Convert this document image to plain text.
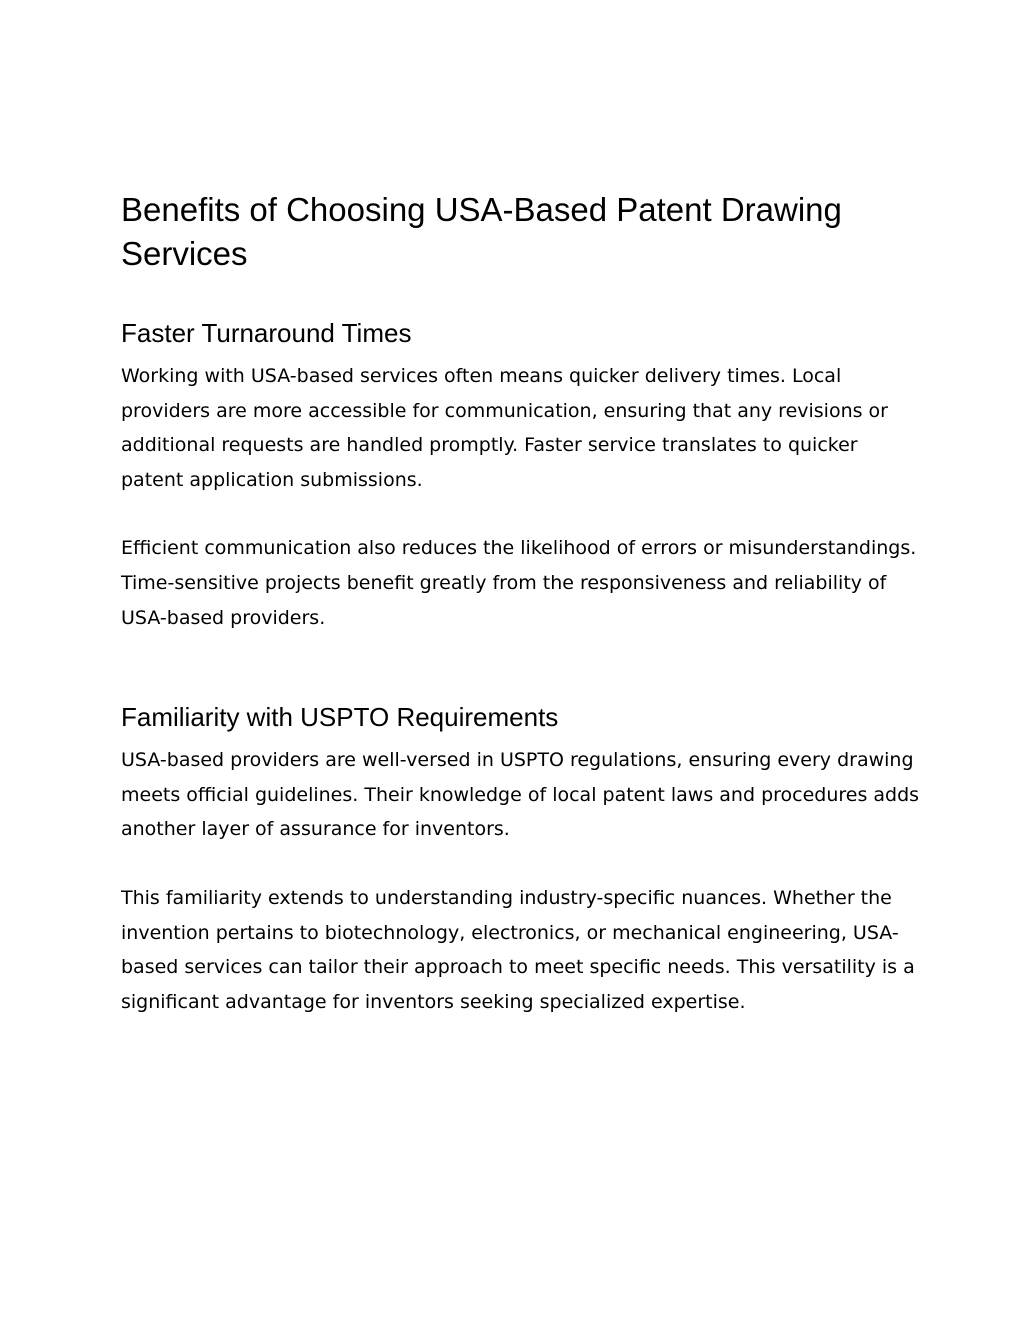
Benefits of Choosing USA-Based Patent Drawing Services
Faster Turnaround Times

Working with USA-based services often means quicker delivery times. Local providers are more accessible for communication, ensuring that any revisions or additional requests are handled promptly. Faster service translates to quicker patent application submissions.

Efficient communication also reduces the likelihood of errors or misunderstandings. Time-sensitive projects benefit greatly from the responsiveness and reliability of USA-based providers.

Familiarity with USPTO Requirements

USA-based providers are well-versed in USPTO regulations, ensuring every drawing meets official guidelines. Their knowledge of local patent laws and procedures adds another layer of assurance for inventors.

This familiarity extends to understanding industry-specific nuances. Whether the invention pertains to biotechnology, electronics, or mechanical engineering, USA-based services can tailor their approach to meet specific needs. This versatility is a significant advantage for inventors seeking specialized expertise.
